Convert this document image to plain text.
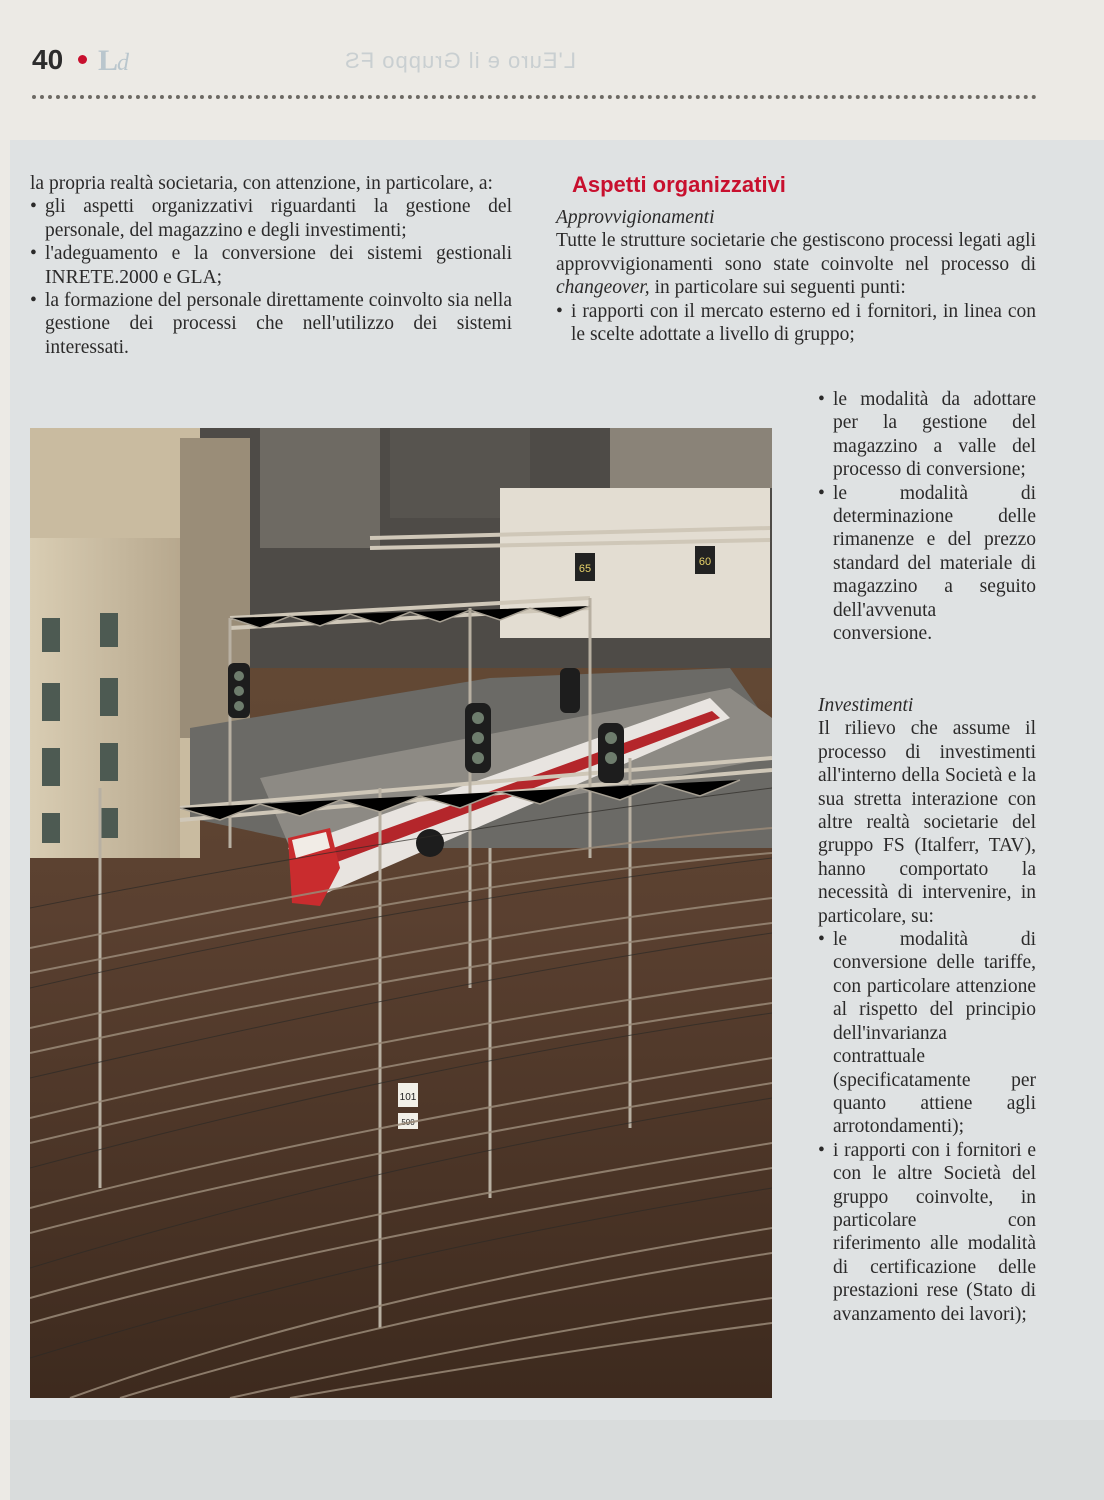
40 Ld	L'Euro e il Gruppo FS

la propria realtà societaria, con attenzione, in particolare, a:

• gli aspetti organizzativi riguardanti la gestione del personale, del magazzino e degli investimenti;
• l'adeguamento e la conversione dei sistemi gestionali INRETE.2000 e GLA;
• la formazione del personale direttamente coinvolto sia nella gestione dei processi che nell'utilizzo dei sistemi interessati.
Aspetti organizzativi

Approvvigionamenti

Tutte le strutture societarie che gestiscono processi legati agli approvvigionamenti sono state coinvolte nel processo di changeover, in particolare sui seguenti punti:

• i rapporti con il mercato esterno ed i fornitori, in linea con le scelte adottate a livello di gruppo;
• le modalità da adottare per la gestione del magazzino a valle del processo di conversione;
• le modalità di determinazione delle rimanenze e del prezzo standard del materiale di magazzino a seguito dell'avvenuta conversione.

Investimenti

Il rilievo che assume il processo di investimenti all'interno della Società e la sua stretta interazione con altre realtà societarie del gruppo FS (Italferr, TAV), hanno comportato la necessità di intervenire, in particolare, su:

• le modalità di conversione delle tariffe, con particolare attenzione al rispetto del principio dell'invarianza contrattuale (specificatamente per quanto attiene agli arrotondamenti);
• i rapporti con i fornitori e con le altre Società del gruppo coinvolte, in particolare con riferimento alle modalità di certificazione delle prestazioni rese (Stato di avanzamento dei lavori);
65
60
101
500
